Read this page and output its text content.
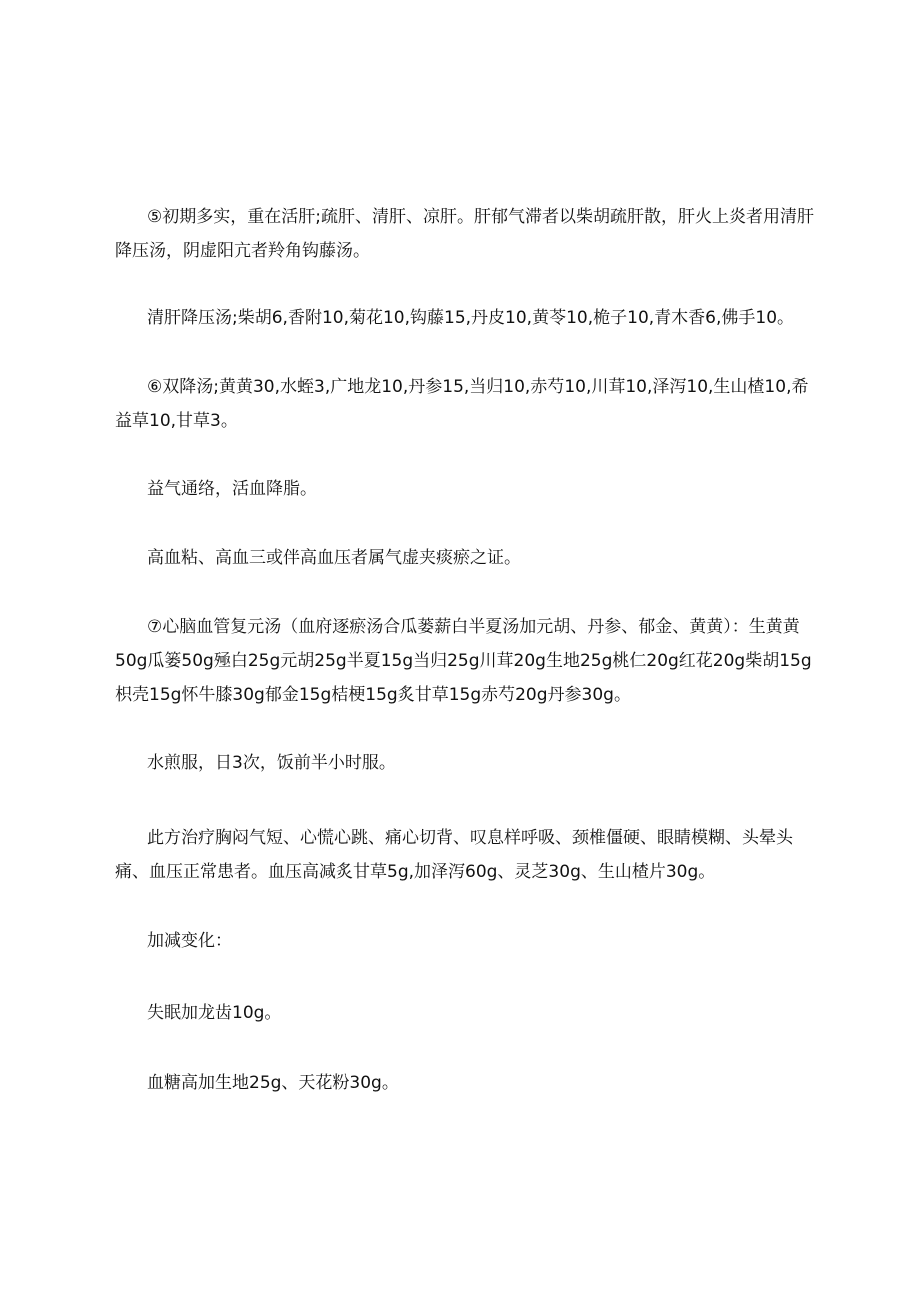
⑤初期多实，重在活肝;疏肝、清肝、凉肝。肝郁气滞者以柴胡疏肝散，肝火上炎者用清肝降压汤，阴虚阳亢者羚角钩藤汤。

清肝降压汤;柴胡6,香附10,菊花10,钩藤15,丹皮10,黄苓10,桅子10,青木香6,佛手10。

⑥双降汤;黄黄30,水蛭3,广地龙10,丹参15,当归10,赤芍10,川茸10,泽泻10,生山楂10,希益草10,甘草3。

益气通络，活血降脂。

高血粘、高血三或伴高血压者属气虚夹痰瘀之证。

⑦心脑血管复元汤（血府逐瘀汤合瓜蒌薪白半夏汤加元胡、丹参、郁金、黄黄）：生黄黄50g瓜篓50g殛白25g元胡25g半夏15g当归25g川茸20g生地25g桃仁20g红花20g柴胡15g枳壳15g怀牛膝30g郁金15g桔梗15g炙甘草15g赤芍20g丹参30g。

水煎服，日3次，饭前半小时服。

此方治疗胸闷气短、心慌心跳、痛心切背、叹息样呼吸、颈椎僵硬、眼睛模糊、头晕头痛、血压正常患者。血压高减炙甘草5g,加泽泻60g、灵芝30g、生山楂片30g。

加减变化：

失眠加龙齿10g。

血糖高加生地25g、天花粉30g。
